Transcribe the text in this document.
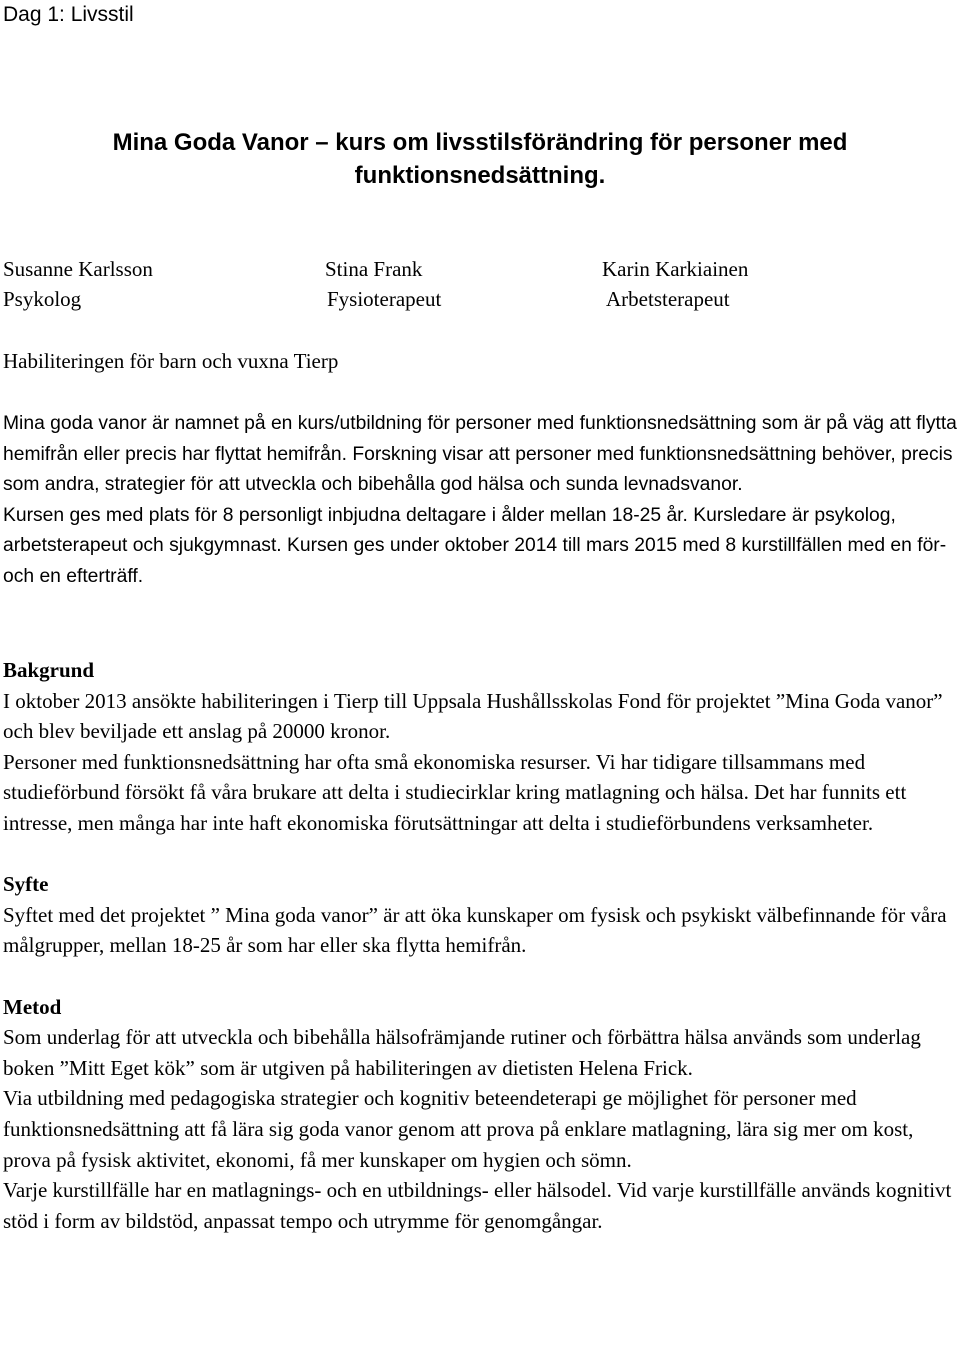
Dag 1: Livsstil
Mina Goda Vanor – kurs om livsstilsförändring för personer med
funktionsnedsättning.
Susanne Karlsson
Psykolog
Stina Frank
Fysioterapeut
Karin Karkiainen
Arbetsterapeut
Habiliteringen för barn och vuxna Tierp

Mina goda vanor är namnet på en kurs/utbildning för personer med funktionsnedsättning som är på väg att flytta hemifrån eller precis har flyttat hemifrån. Forskning visar att personer med funktionsnedsättning behöver, precis som andra, strategier för att utveckla och bibehålla god hälsa och sunda levnadsvanor.

Kursen ges med plats för 8 personligt inbjudna deltagare i ålder mellan 18-25 år. Kursledare är psykolog, arbetsterapeut och sjukgymnast. Kursen ges under oktober 2014 till mars 2015 med 8 kurstillfällen med en för- och en efterträff.

Bakgrund

I oktober 2013 ansökte habiliteringen i Tierp till Uppsala Hushållsskolas Fond för projektet ”Mina Goda vanor” och blev beviljade ett anslag på 20000 kronor.

Personer med funktionsnedsättning har ofta små ekonomiska resurser. Vi har tidigare tillsammans med studieförbund försökt få våra brukare att delta i studiecirklar kring matlagning och hälsa. Det har funnits ett intresse, men många har inte haft ekonomiska förutsättningar att delta i studieförbundens verksamheter.

Syfte

Syftet med det projektet ” Mina goda vanor” är att öka kunskaper om fysisk och psykiskt välbefinnande för våra målgrupper, mellan 18-25 år som har eller ska flytta hemifrån.

Metod

Som underlag för att utveckla och bibehålla hälsofrämjande rutiner och förbättra hälsa används som underlag boken ”Mitt Eget kök” som är utgiven på habiliteringen av dietisten Helena Frick.

Via utbildning med pedagogiska strategier och kognitiv beteendeterapi ge möjlighet för personer med funktionsnedsättning att få lära sig goda vanor genom att prova på enklare matlagning, lära sig mer om kost, prova på fysisk aktivitet, ekonomi, få mer kunskaper om hygien och sömn.

Varje kurstillfälle har en matlagnings- och en utbildnings- eller hälsodel. Vid varje kurstillfälle används kognitivt stöd i form av bildstöd, anpassat tempo och utrymme för genomgångar.
